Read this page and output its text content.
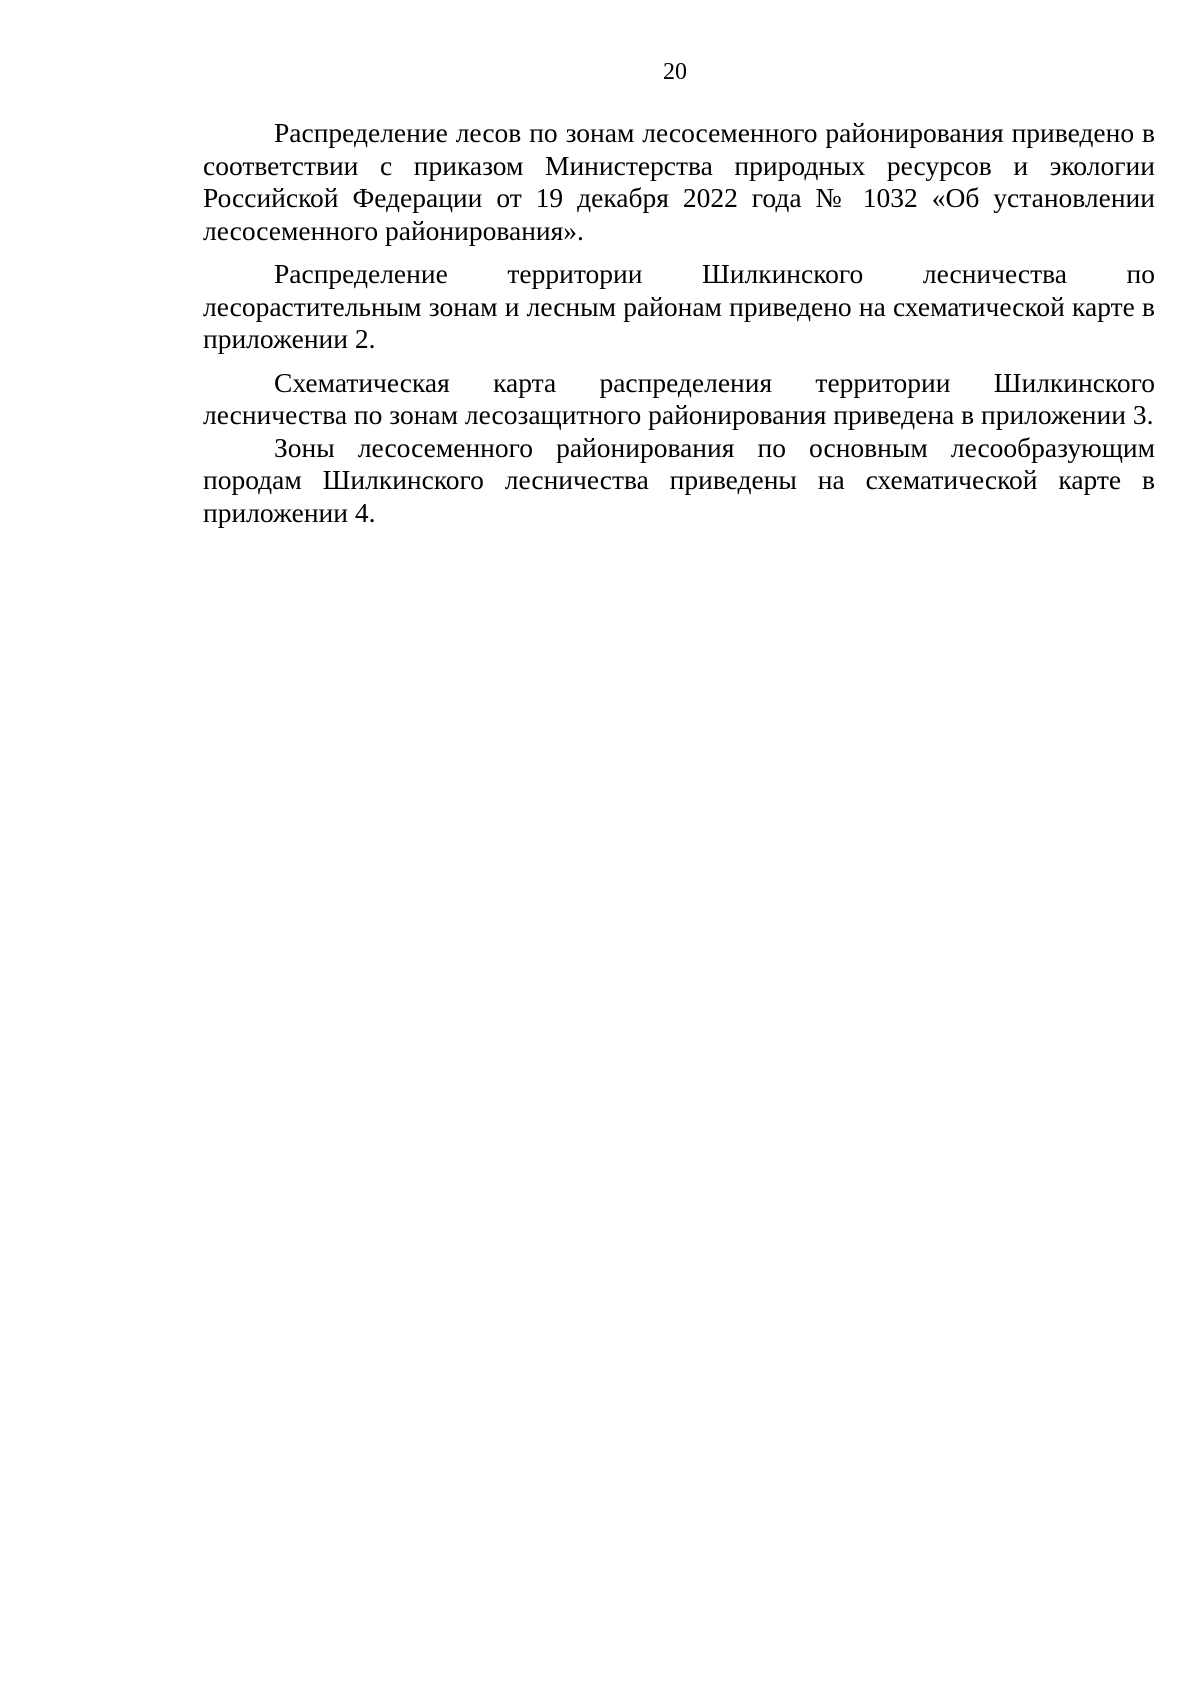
20

Распределение лесов по зонам лесосеменного районирования приведено в соответствии с приказом Министерства природных ресурсов и экологии Российской Федерации от 19 декабря 2022 года № 1032 «Об установлении лесосеменного районирования».

Распределение территории Шилкинского лесничества по лесорастительным зонам и лесным районам приведено на схематической карте в приложении 2.

Схематическая карта распределения территории Шилкинского лесничества по зонам лесозащитного районирования приведена в приложении 3.

Зоны лесосеменного районирования по основным лесообразующим породам Шилкинского лесничества приведены на схематической карте в приложении 4.
